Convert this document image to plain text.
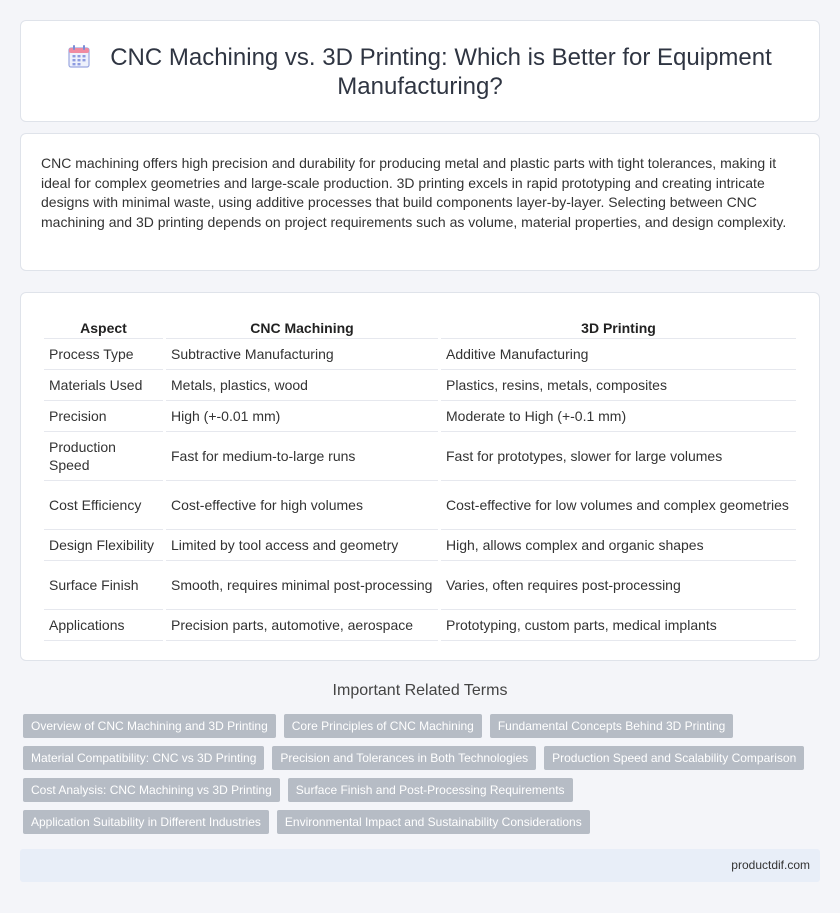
CNC Machining vs. 3D Printing: Which is Better for Equipment Manufacturing?

CNC machining offers high precision and durability for producing metal and plastic parts with tight tolerances, making it ideal for complex geometries and large-scale production. 3D printing excels in rapid prototyping and creating intricate designs with minimal waste, using additive processes that build components layer-by-layer. Selecting between CNC machining and 3D printing depends on project requirements such as volume, material properties, and design complexity.

Aspect	CNC Machining	3D Printing
Process Type	Subtractive Manufacturing	Additive Manufacturing
Materials Used	Metals, plastics, wood	Plastics, resins, metals, composites
Precision	High (+-0.01 mm)	Moderate to High (+-0.1 mm)
Production Speed	Fast for medium-to-large runs	Fast for prototypes, slower for large volumes
Cost Efficiency	Cost-effective for high volumes	Cost-effective for low volumes and complex geometries
Design Flexibility	Limited by tool access and geometry	High, allows complex and organic shapes
Surface Finish	Smooth, requires minimal post-processing	Varies, often requires post-processing
Applications	Precision parts, automotive, aerospace	Prototyping, custom parts, medical implants
Important Related Terms
Overview of CNC Machining and 3D Printing	Core Principles of CNC Machining	Fundamental Concepts Behind 3D Printing
Material Compatibility: CNC vs 3D Printing	Precision and Tolerances in Both Technologies	Production Speed and Scalability Comparison
Cost Analysis: CNC Machining vs 3D Printing	Surface Finish and Post-Processing Requirements
Application Suitability in Different Industries	Environmental Impact and Sustainability Considerations
productdif.com
